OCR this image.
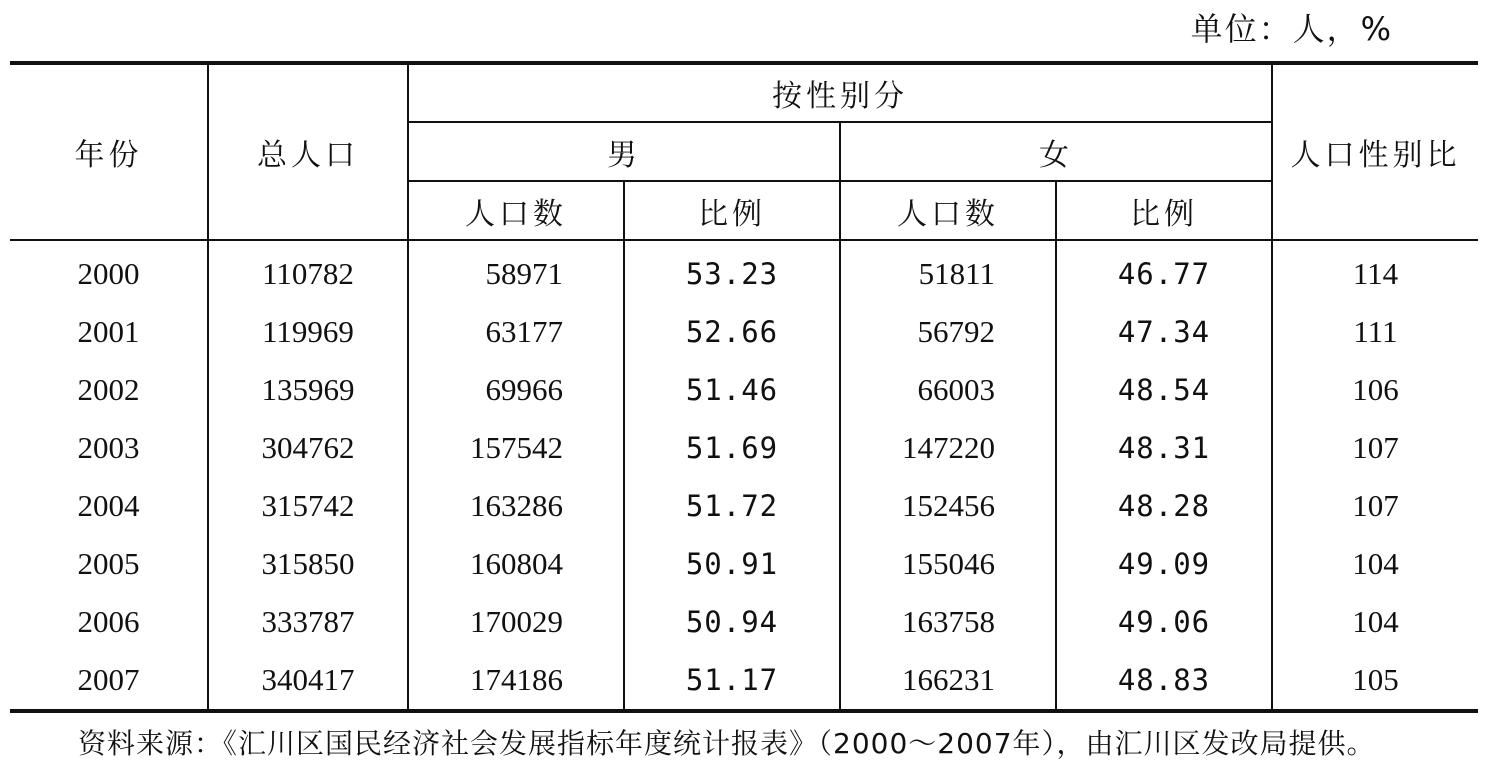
单位：人，%
年份	总人口	按性别分				人口性别比
		男		女		
		人口数	比例	人口数	比例	
2000	110782	58971	53.23	51811	46.77	114
2001	119969	63177	52.66	56792	47.34	111
2002	135969	69966	51.46	66003	48.54	106
2003	304762	157542	51.69	147220	48.31	107
2004	315742	163286	51.72	152456	48.28	107
2005	315850	160804	50.91	155046	49.09	104
2006	333787	170029	50.94	163758	49.06	104
2007	340417	174186	51.17	166231	48.83	105
资料来源：《汇川区国民经济社会发展指标年度统计报表》（2000～2007年），由汇川区发改局提供。
